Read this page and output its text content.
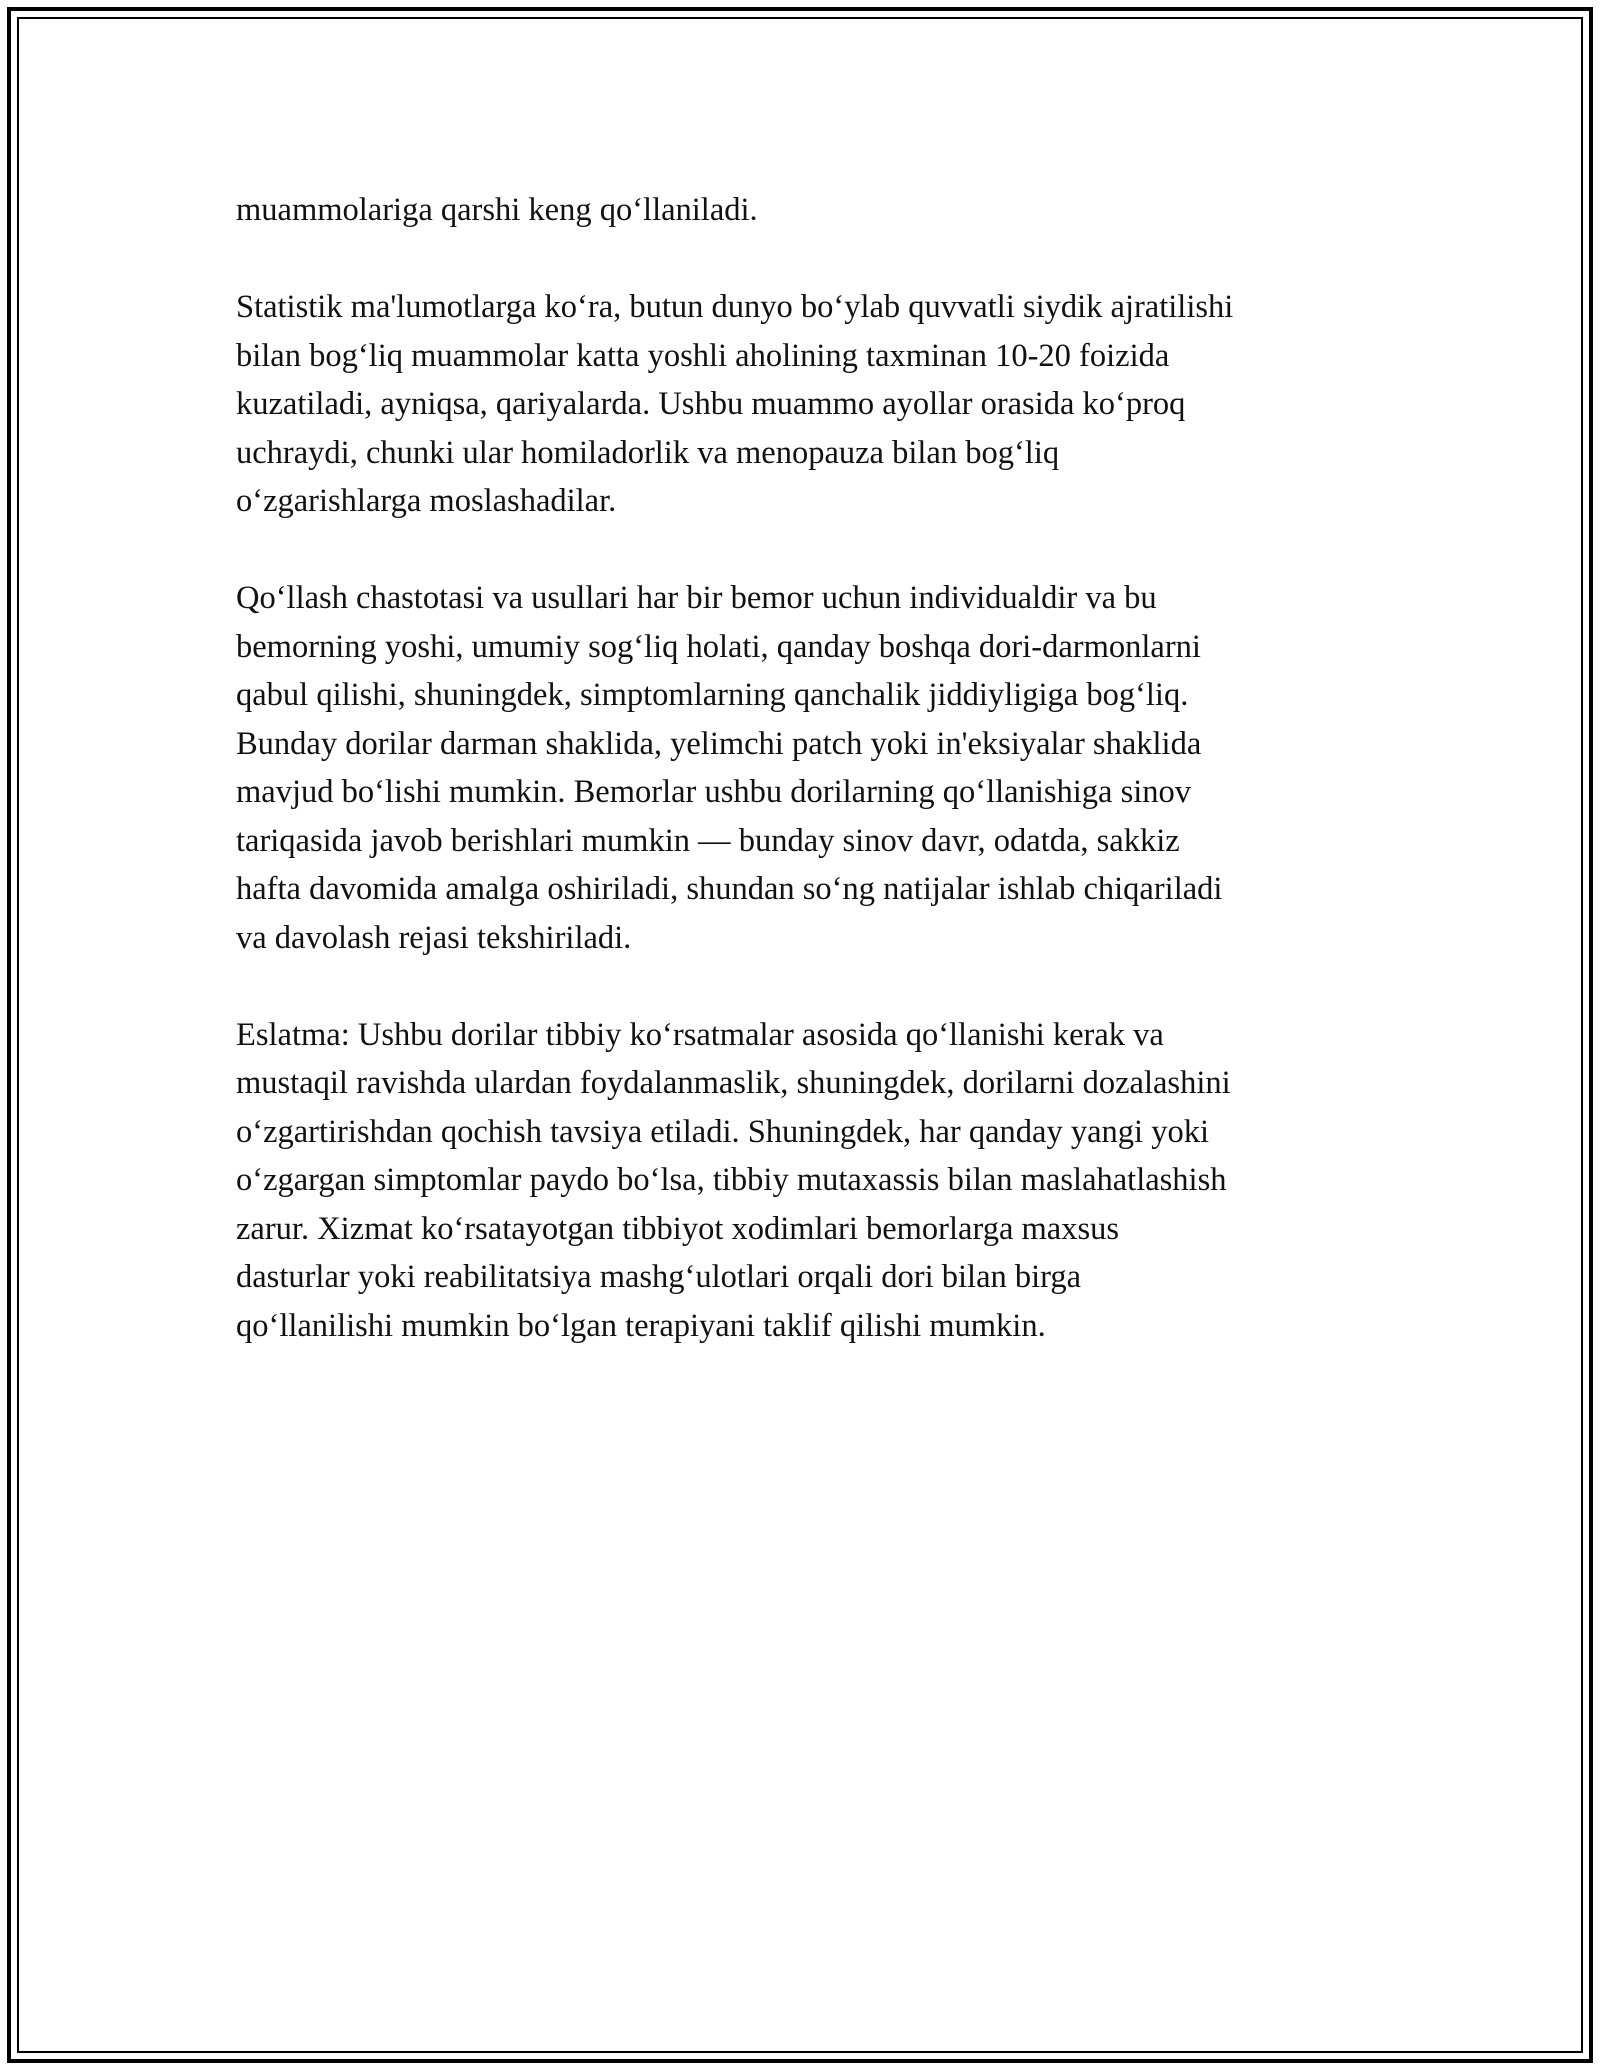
muammolariga qarshi keng qo‘llaniladi.

Statistik ma'lumotlarga ko‘ra, butun dunyo bo‘ylab quvvatli siydik ajratilishi
bilan bog‘liq muammolar katta yoshli aholining taxminan 10-20 foizida
kuzatiladi, ayniqsa, qariyalarda. Ushbu muammo ayollar orasida ko‘proq
uchraydi, chunki ular homiladorlik va menopauza bilan bog‘liq
o‘zgarishlarga moslashadilar.

Qo‘llash chastotasi va usullari har bir bemor uchun individualdir va bu
bemorning yoshi, umumiy sog‘liq holati, qanday boshqa dori-darmonlarni
qabul qilishi, shuningdek, simptomlarning qanchalik jiddiyligiga bog‘liq.
Bunday dorilar darman shaklida, yelimchi patch yoki in'eksiyalar shaklida
mavjud bo‘lishi mumkin. Bemorlar ushbu dorilarning qo‘llanishiga sinov
tariqasida javob berishlari mumkin — bunday sinov davr, odatda, sakkiz
hafta davomida amalga oshiriladi, shundan so‘ng natijalar ishlab chiqariladi
va davolash rejasi tekshiriladi.

Eslatma: Ushbu dorilar tibbiy ko‘rsatmalar asosida qo‘llanishi kerak va
mustaqil ravishda ulardan foydalanmaslik, shuningdek, dorilarni dozalashini
o‘zgartirishdan qochish tavsiya etiladi. Shuningdek, har qanday yangi yoki
o‘zgargan simptomlar paydo bo‘lsa, tibbiy mutaxassis bilan maslahatlashish
zarur. Xizmat ko‘rsatayotgan tibbiyot xodimlari bemorlarga maxsus
dasturlar yoki reabilitatsiya mashg‘ulotlari orqali dori bilan birga
qo‘llanilishi mumkin bo‘lgan terapiyani taklif qilishi mumkin.
